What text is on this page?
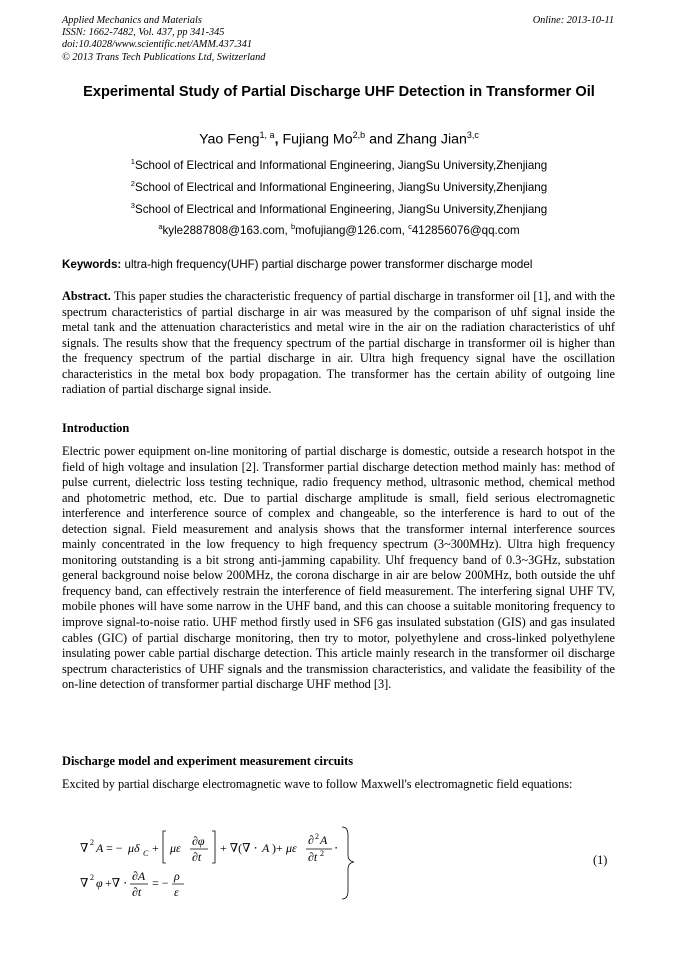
Applied Mechanics and Materials
ISSN: 1662-7482, Vol. 437, pp 341-345
doi:10.4028/www.scientific.net/AMM.437.341
© 2013 Trans Tech Publications Ltd, Switzerland
Online: 2013-10-11
Experimental Study of Partial Discharge UHF Detection in Transformer Oil
Yao Feng$^{1, a}$, Fujiang Mo$^{2,b}$ and Zhang Jian$^{3,c}$
$^1$School of Electrical and Informational Engineering, JiangSu University,Zhenjiang
$^2$School of Electrical and Informational Engineering, JiangSu University,Zhenjiang
$^3$School of Electrical and Informational Engineering, JiangSu University,Zhenjiang
$^a$kyle2887808@163.com, $^b$mofujiang@126.com, $^c$412856076@qq.com
Keywords: ultra-high frequency(UHF) partial discharge power transformer discharge model
Abstract. This paper studies the characteristic frequency of partial discharge in transformer oil [1], and with the spectrum characteristics of partial discharge in air was measured by the comparison of uhf signal inside the metal tank and the attenuation characteristics and metal wire in the air on the radiation characteristics of uhf signals. The results show that the frequency spectrum of the partial discharge in transformer oil is higher than the frequency spectrum of the partial discharge in air. Ultra high frequency signal have the oscillation characteristics in the metal box body propagation. The transformer has the certain ability of outgoing line radiation of partial discharge signal inside.
Introduction
Electric power equipment on-line monitoring of partial discharge is domestic, outside a research hotspot in the field of high voltage and insulation [2]. Transformer partial discharge detection method mainly has: method of pulse current, dielectric loss testing technique, radio frequency method, ultrasonic method, chemical method and photometric method, etc. Due to partial discharge amplitude is small, field serious electromagnetic interference and interference source of complex and changeable, so the interference is hard to out of the detection signal. Field measurement and analysis shows that the transformer internal interference sources mainly concentrated in the low frequency to high frequency spectrum (3~300MHz). Ultra high frequency monitoring outstanding is a bit strong anti-jamming capability. Uhf frequency band of 0.3~3GHz, substation general background noise below 200MHz, the corona discharge in air are below 200MHz, both outside the uhf frequency band, can effectively restrain the interference of field measurement. The interfering signal UHF TV, mobile phones will have some narrow in the UHF band, and this can choose a suitable monitoring frequency to improve signal-to-noise ratio. UHF method firstly used in SF6 gas insulated substation (GIS) and gas insulated cables (GIC) of partial discharge monitoring, then try to motor, polyethylene and cross-linked polyethylene insulating power cable partial discharge detection. This article mainly research in the transformer oil discharge spectrum characteristics of UHF signals and the transmission characteristics, and validate the feasibility of the on-line detection of transformer partial discharge UHF method [3].
Discharge model and experiment measurement circuits
Excited by partial discharge electromagnetic wave to follow Maxwell's electromagnetic field equations:
∇ 2 A = − μδ C + με ∂φ
∂t
+ ∇(∇ ⋅ A )+ με
∂ 2 A
∂t 2 ⋅
∇ 2 φ +∇ ⋅ ∂A
∂t
= − ρ
ε
(1)
